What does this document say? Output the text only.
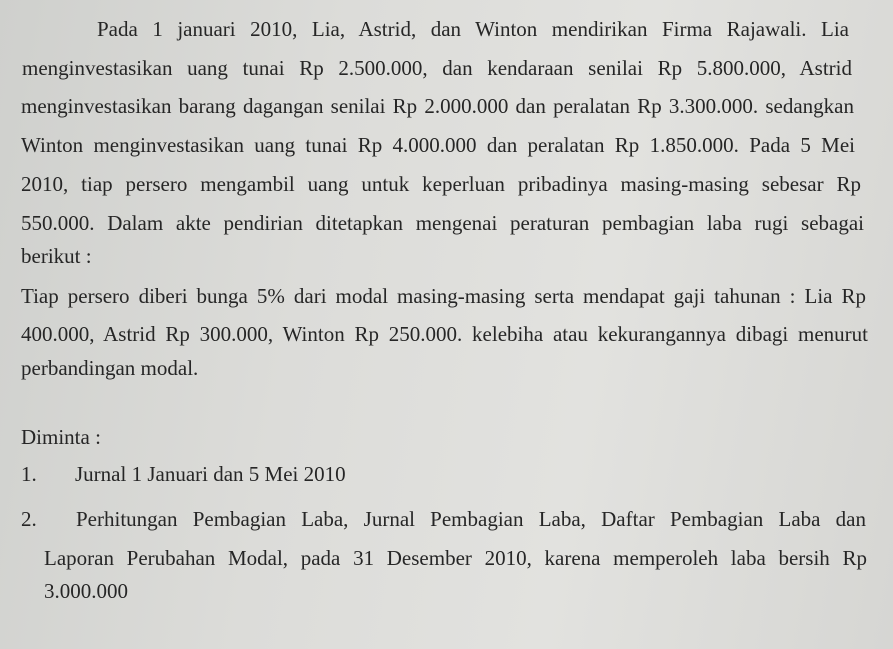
Pada 1 januari 2010, Lia, Astrid, dan Winton mendirikan Firma Rajawali. Lia
menginvestasikan uang tunai Rp 2.500.000, dan kendaraan senilai Rp 5.800.000, Astrid
menginvestasikan barang dagangan senilai Rp 2.000.000 dan peralatan Rp 3.300.000. sedangkan
Winton menginvestasikan uang tunai Rp 4.000.000 dan peralatan Rp 1.850.000. Pada 5 Mei
2010, tiap persero mengambil uang untuk keperluan pribadinya masing-masing sebesar Rp
550.000. Dalam akte pendirian ditetapkan mengenai peraturan pembagian laba rugi sebagai
berikut :
Tiap persero diberi bunga 5% dari modal masing-masing serta mendapat gaji tahunan : Lia Rp
400.000, Astrid Rp 300.000, Winton Rp 250.000. kelebiha atau kekurangannya dibagi menurut
perbandingan modal.
Diminta :
1. Jurnal 1 Januari dan 5 Mei 2010
2. Perhitungan Pembagian Laba, Jurnal Pembagian Laba, Daftar Pembagian Laba dan
Laporan Perubahan Modal, pada 31 Desember 2010, karena memperoleh laba bersih Rp
3.000.000
